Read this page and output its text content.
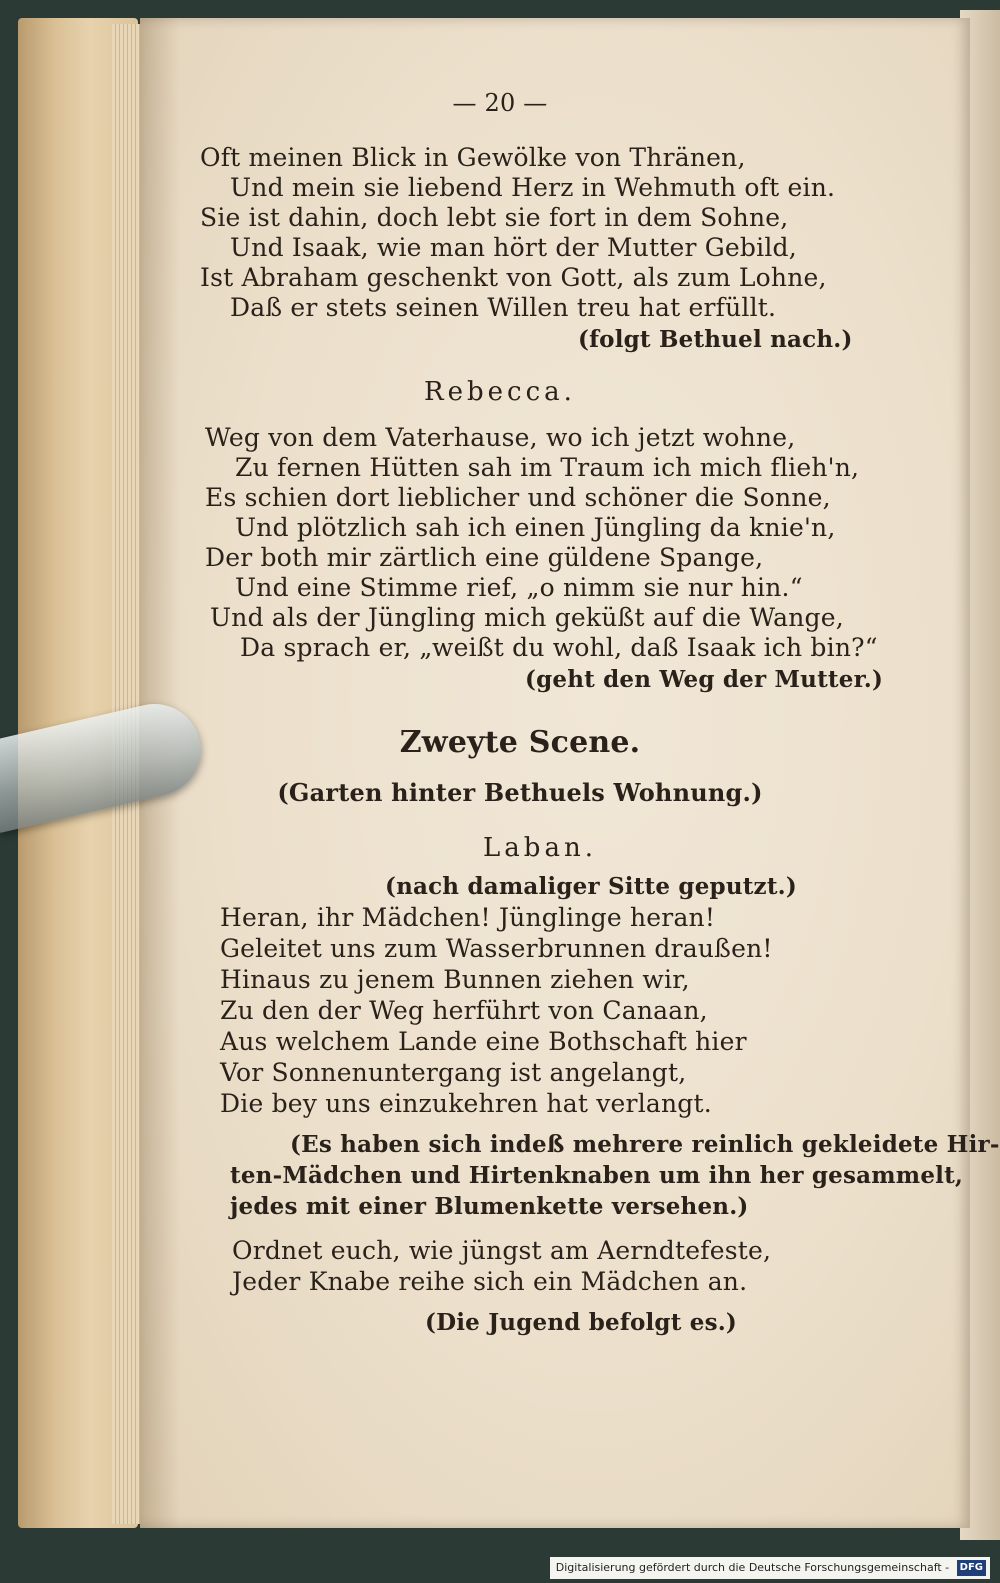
— 20 —
Oft meinen Blick in Gewölke von Thränen,
Und mein sie liebend Herz in Wehmuth oft ein.
Sie ist dahin, doch lebt sie fort in dem Sohne,
Und Isaak, wie man hört der Mutter Gebild,
Ist Abraham geschenkt von Gott, als zum Lohne,
Daß er stets seinen Willen treu hat erfüllt.
(folgt Bethuel nach.)
Rebecca.
Weg von dem Vaterhause, wo ich jetzt wohne,
Zu fernen Hütten sah im Traum ich mich flieh'n,
Es schien dort lieblicher und schöner die Sonne,
Und plötzlich sah ich einen Jüngling da knie'n,
Der both mir zärtlich eine güldene Spange,
Und eine Stimme rief, „o nimm sie nur hin.“
Und als der Jüngling mich geküßt auf die Wange,
Da sprach er, „weißt du wohl, daß Isaak ich bin?“
(geht den Weg der Mutter.)
Zweyte Scene.
(Garten hinter Bethuels Wohnung.)
Laban.
(nach damaliger Sitte geputzt.)
Heran, ihr Mädchen! Jünglinge heran!
Geleitet uns zum Wasserbrunnen draußen!
Hinaus zu jenem Bunnen ziehen wir,
Zu den der Weg herführt von Canaan,
Aus welchem Lande eine Bothschaft hier
Vor Sonnenuntergang ist angelangt,
Die bey uns einzukehren hat verlangt.
(Es haben sich indeß mehrere reinlich gekleidete Hir-
ten-Mädchen und Hirtenknaben um ihn her gesammelt,
jedes mit einer Blumenkette versehen.)
Ordnet euch, wie jüngst am Aerndtefeste,
Jeder Knabe reihe sich ein Mädchen an.
(Die Jugend befolgt es.)
Digitalisierung gefördert durch die Deutsche Forschungsgemeinschaft - DFG
